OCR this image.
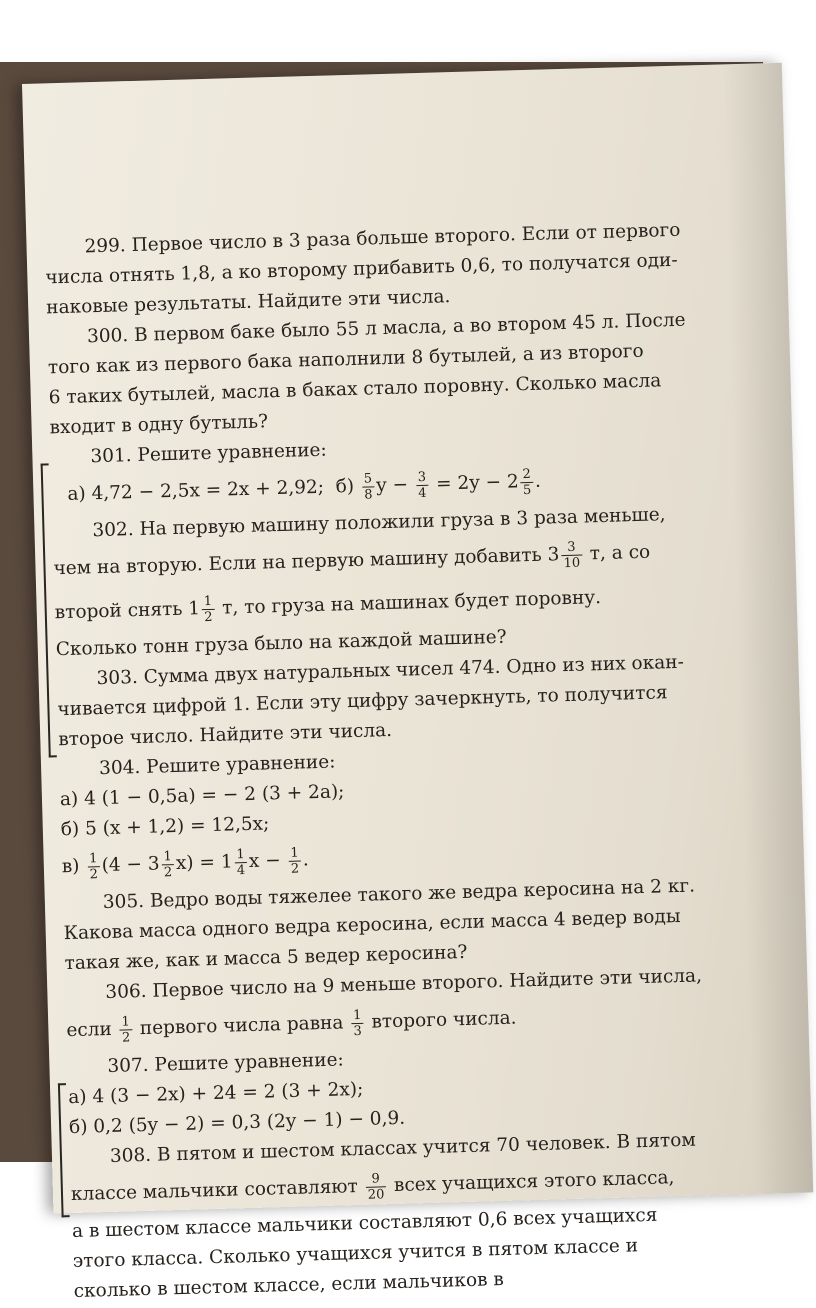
299. Первое число в 3 раза больше второго. Если от первого
числа отнять 1,8, а ко второму прибавить 0,6, то получатся оди-
наковые результаты. Найдите эти числа.
300. В первом баке было 55 л масла, а во втором 45 л. После
того как из первого бака наполнили 8 бутылей, а из второго
6 таких бутылей, масла в баках стало поровну. Сколько масла
входит в одну бутыль?
301. Решите уравнение:
а) 4,72 − 2,5x = 2x + 2,92; $б) \frac{5}{8}$ $y - \frac{3}{4} = 2y - 2 \frac{2}{5}$ .
302. На первую машину положили груза в 3 раза меньше,
чем на вторую. Если на первую машину добавить $3 \frac{3}{10} т$, а со
второй снять $1 \frac{1}{2} т$, то груза на машинах будет поровну.
Сколько тонн груза было на каждой машине?
303. Сумма двух натуральных чисел 474. Одно из них окан-
чивается цифрой 1. Если эту цифру зачеркнуть, то получится
второе число. Найдите эти числа.
304. Решите уравнение:
а) 4 (1 − 0,5a) = − 2 (3 + 2a);
б) 5 (x + 1,2) = 12,5x;
$в) \frac{1}{2} (4 - 3 \frac{1}{2} x) = 1 \frac{1}{4}$ $x - \frac{1}{2}$ .
305. Ведро воды тяжелее такого же ведра керосина на 2 кг.
Какова масса одного ведра керосина, если масса 4 ведер воды
такая же, как и масса 5 ведер керосина?
306. Первое число на 9 меньше второго. Найдите эти числа,
если $\frac{1}{2}$ первого числа равна $\frac{1}{3}$ второго числа.
307. Решите уравнение:
а) 4 (3 − 2x) + 24 = 2 (3 + 2x);
б) 0,2 (5y − 2) = 0,3 (2y − 1) − 0,9.
308. В пятом и шестом классах учится 70 человек. В пятом
классе мальчики составляют $\frac{9}{20}$ всех учащихся этого класса,
а в шестом классе мальчики составляют 0,6 всех учащихся
этого класса. Сколько учащихся учится в пятом классе и
сколько в шестом классе, если мальчиков в
